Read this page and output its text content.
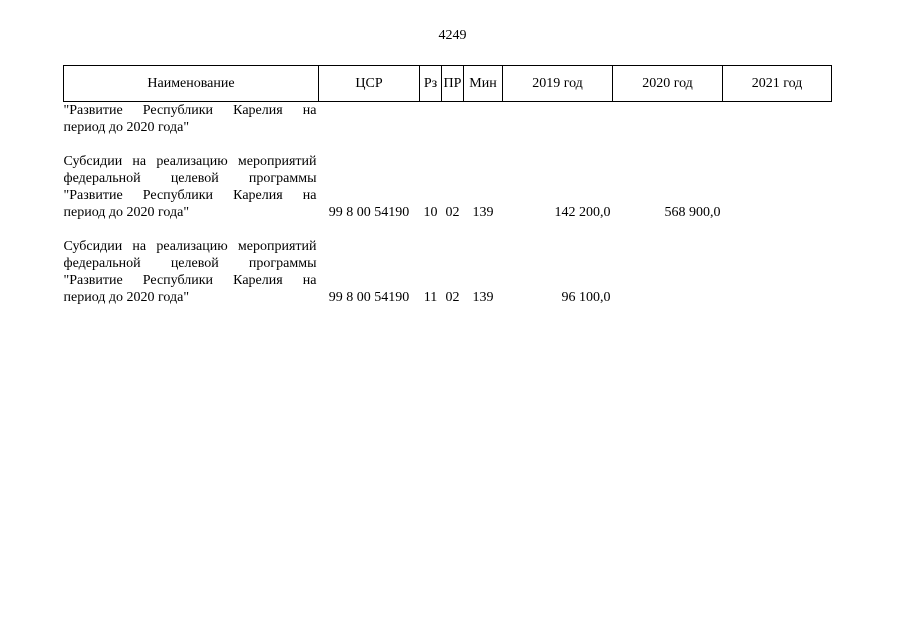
4249
Наименование	ЦСР	Рз	ПР	Мин	2019 год	2020 год	2021 год

"Развитие Республики Карелия на
период до 2020 года"							

Субсидии на реализацию мероприятий
федеральной целевой программы
"Развитие Республики Карелия на
период до 2020 года"	99 8 00 54190	10	02	139	142 200,0	568 900,0	

Субсидии на реализацию мероприятий
федеральной целевой программы
"Развитие Республики Карелия на
период до 2020 года"	99 8 00 54190	11	02	139	96 100,0		
